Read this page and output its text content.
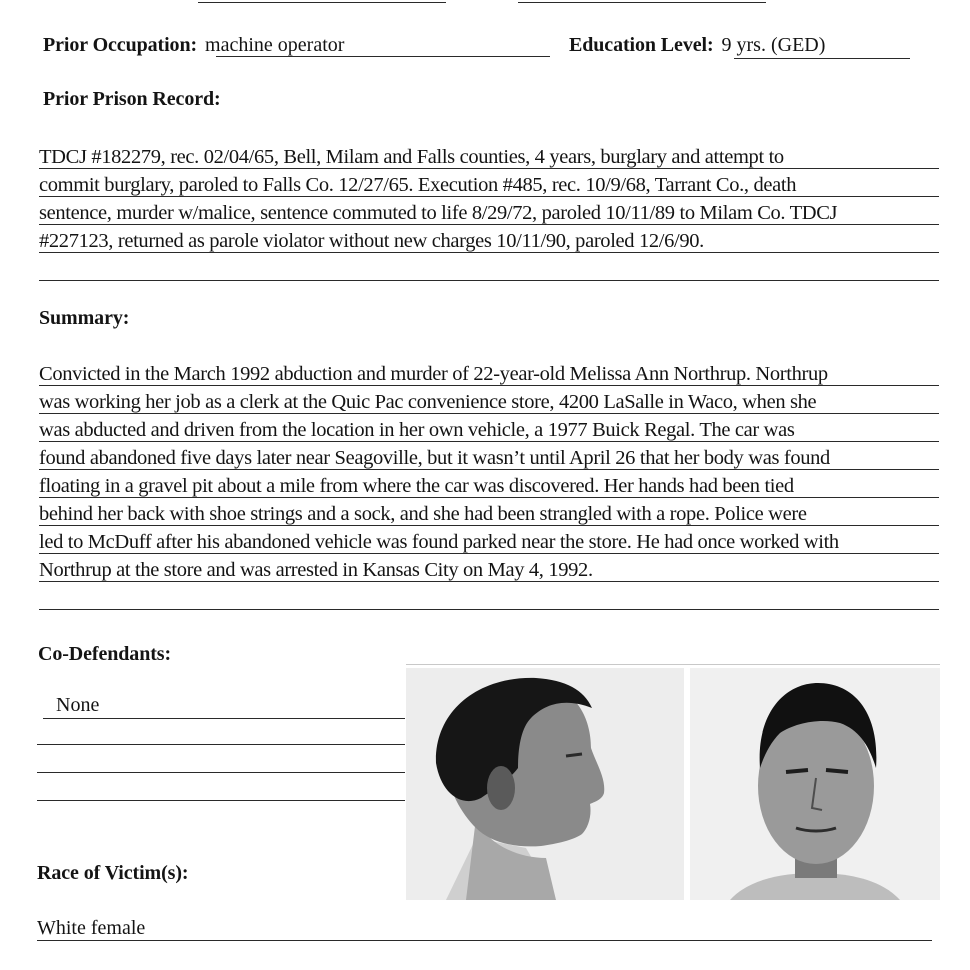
Prior Occupation: machine operator	Education Level: 9 yrs. (GED)
Prior Prison Record:
TDCJ #182279, rec. 02/04/65, Bell, Milam and Falls counties, 4 years, burglary and attempt to
commit burglary, paroled to Falls Co. 12/27/65. Execution #485, rec. 10/9/68, Tarrant Co., death
sentence, murder w/malice, sentence commuted to life 8/29/72, paroled 10/11/89 to Milam Co. TDCJ
#227123, returned as parole violator without new charges 10/11/90, paroled 12/6/90.
Summary:
Convicted in the March 1992 abduction and murder of 22-year-old Melissa Ann Northrup. Northrup
was working her job as a clerk at the Quic Pac convenience store, 4200 LaSalle in Waco, when she
was abducted and driven from the location in her own vehicle, a 1977 Buick Regal. The car was
found abandoned five days later near Seagoville, but it wasn’t until April 26 that her body was found
floating in a gravel pit about a mile from where the car was discovered. Her hands had been tied
behind her back with shoe strings and a sock, and she had been strangled with a rope. Police were
led to McDuff after his abandoned vehicle was found parked near the store. He had once worked with
Northrup at the store and was arrested in Kansas City on May 4, 1992.
Co-Defendants:
None
Race of Victim(s):
White female
